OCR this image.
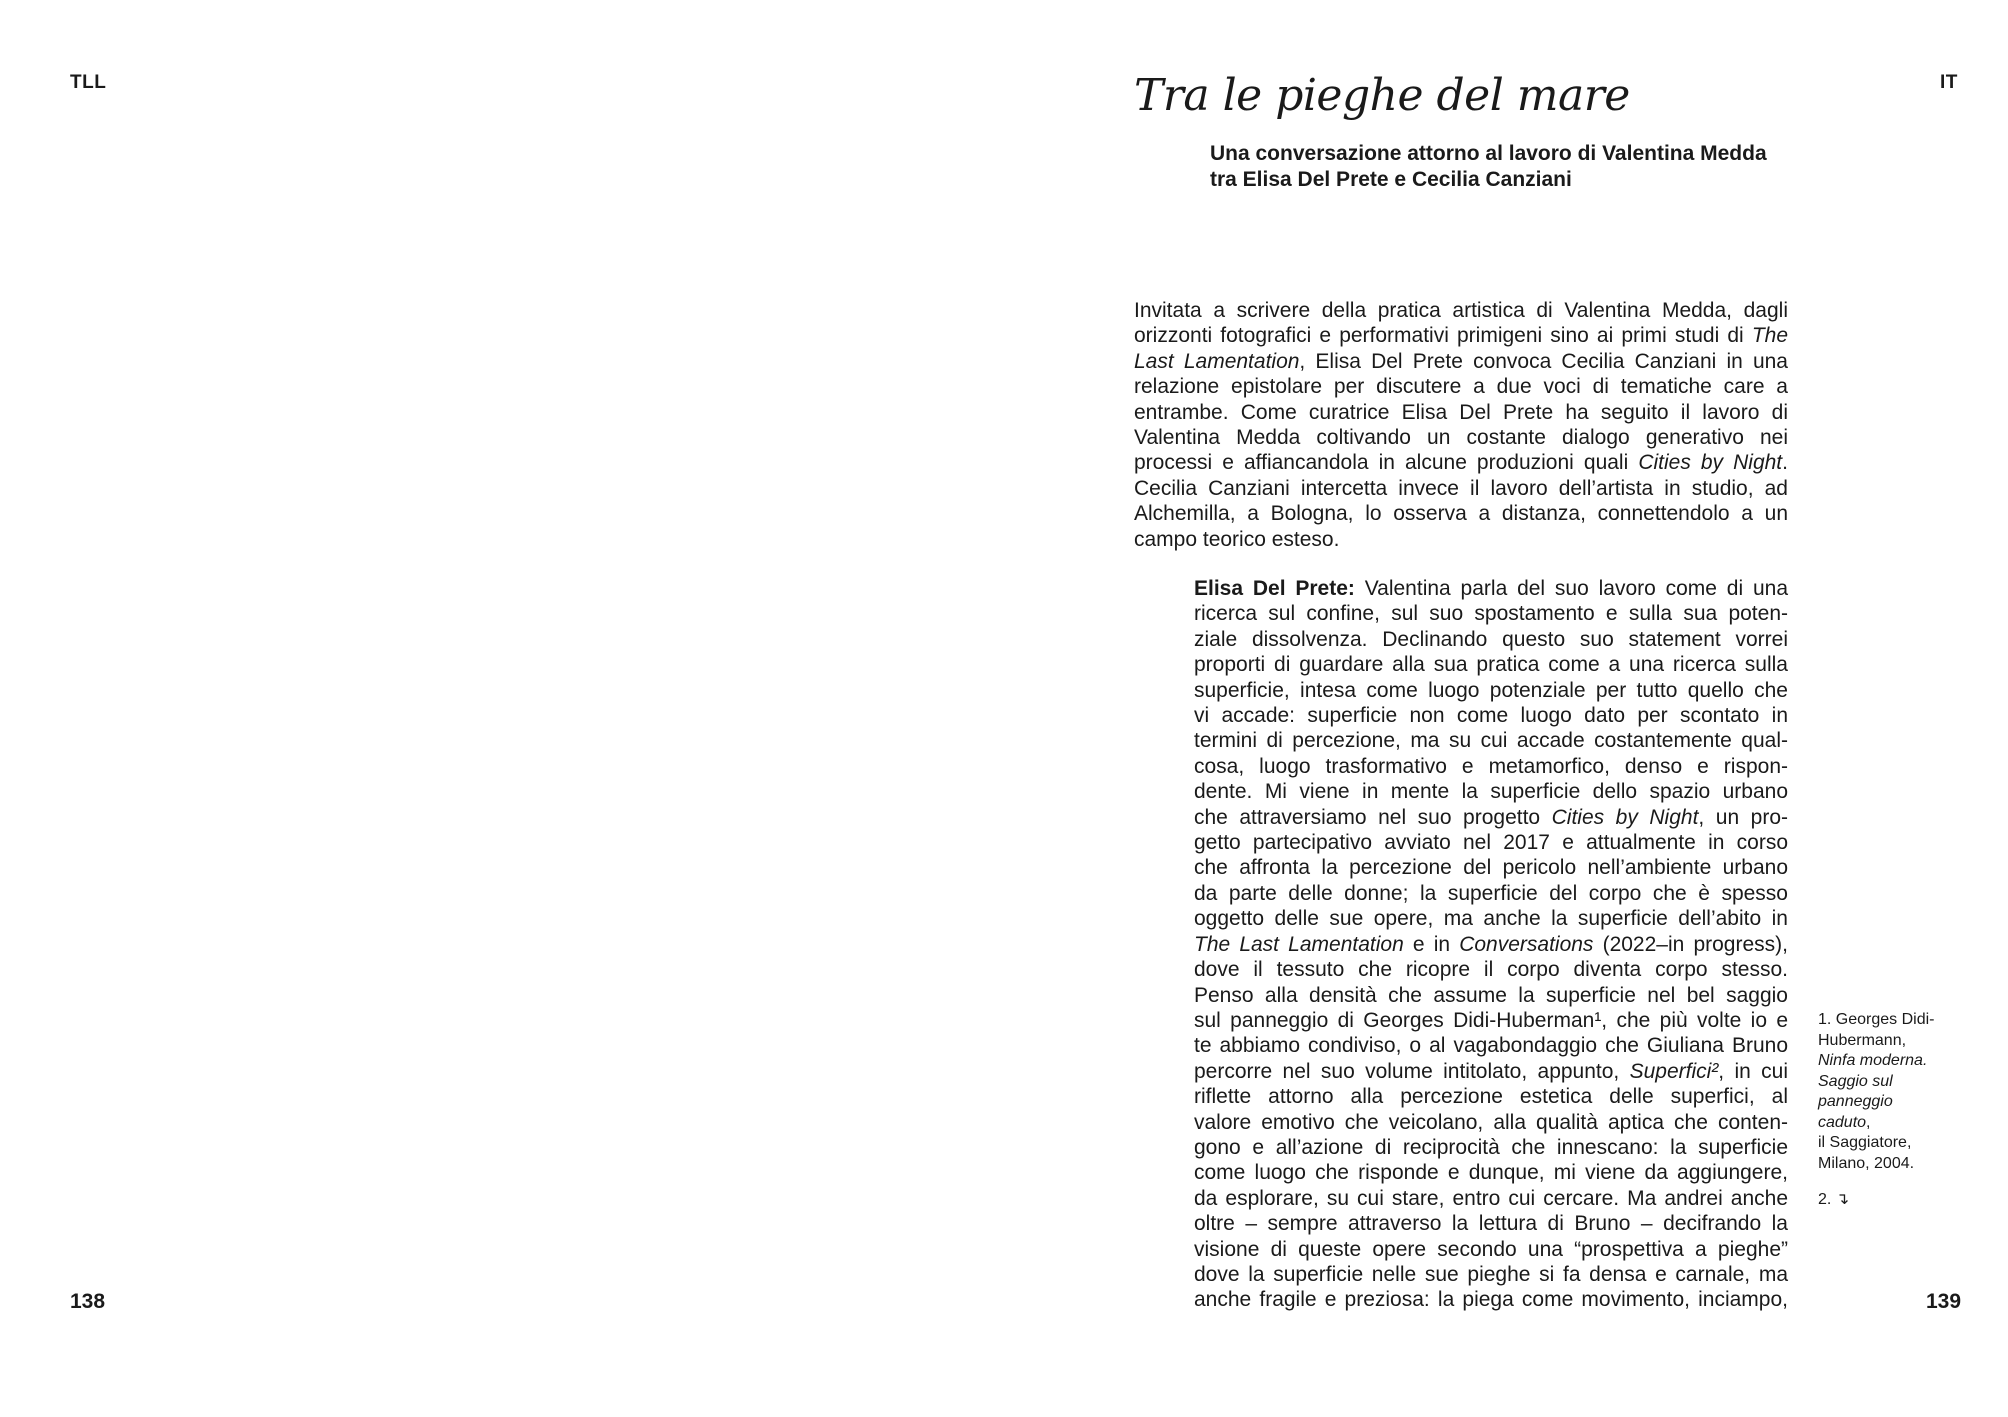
TLL	IT
138	139
Tra le pieghe del mare
Una conversazione attorno al lavoro di Valentina Medda
tra Elisa Del Prete e Cecilia Canziani
Invitata a scrivere della pratica artistica di Valentina Medda, dagli orizzonti fotografici e performativi primigeni sino ai primi studi di The Last Lamentation, Elisa Del Prete convoca Cecilia Canziani in una relazione epistolare per discutere a due voci di tematiche care a entrambe. Come curatrice Elisa Del Prete ha seguito il lavoro di Valentina Medda coltivando un costante dialogo generativo nei processi e affiancandola in alcune produzioni quali Cities by Night. Cecilia Canziani intercetta invece il lavoro dell’artista in studio, ad Alchemilla, a Bologna, lo osserva a distanza, connettendolo a un campo teorico esteso.
Elisa Del Prete: Valentina parla del suo lavoro come di una
ricerca sul confine, sul suo spostamento e sulla sua poten-
ziale dissolvenza. Declinando questo suo statement vorrei
proporti di guardare alla sua pratica come a una ricerca sulla
superficie, intesa come luogo potenziale per tutto quello che
vi accade: superficie non come luogo dato per scontato in
termini di percezione, ma su cui accade costantemente qual-
cosa, luogo trasformativo e metamorfico, denso e rispon-
dente. Mi viene in mente la superficie dello spazio urbano
che attraversiamo nel suo progetto Cities by Night, un pro-
getto partecipativo avviato nel 2017 e attualmente in corso
che affronta la percezione del pericolo nell’ambiente urbano
da parte delle donne; la superficie del corpo che è spesso
oggetto delle sue opere, ma anche la superficie dell’abito in
The Last Lamentation e in Conversations (2022–in progress),
dove il tessuto che ricopre il corpo diventa corpo stesso.
Penso alla densità che assume la superficie nel bel saggio
sul panneggio di Georges Didi-Huberman¹, che più volte io e
te abbiamo condiviso, o al vagabondaggio che Giuliana Bruno
percorre nel suo volume intitolato, appunto, Superfici², in cui
riflette attorno alla percezione estetica delle superfici, al
valore emotivo che veicolano, alla qualità aptica che conten-
gono e all’azione di reciprocità che innescano: la superficie
come luogo che risponde e dunque, mi viene da aggiungere,
da esplorare, su cui stare, entro cui cercare. Ma andrei anche
oltre – sempre attraverso la lettura di Bruno – decifrando la
visione di queste opere secondo una “prospettiva a pieghe”
dove la superficie nelle sue pieghe si fa densa e carnale, ma
anche fragile e preziosa: la piega come movimento, inciampo,
1. Georges Didi-
Hubermann,
Ninfa moderna.
Saggio sul
panneggio
caduto,
il Saggiatore,
Milano, 2004.
2. ↴
